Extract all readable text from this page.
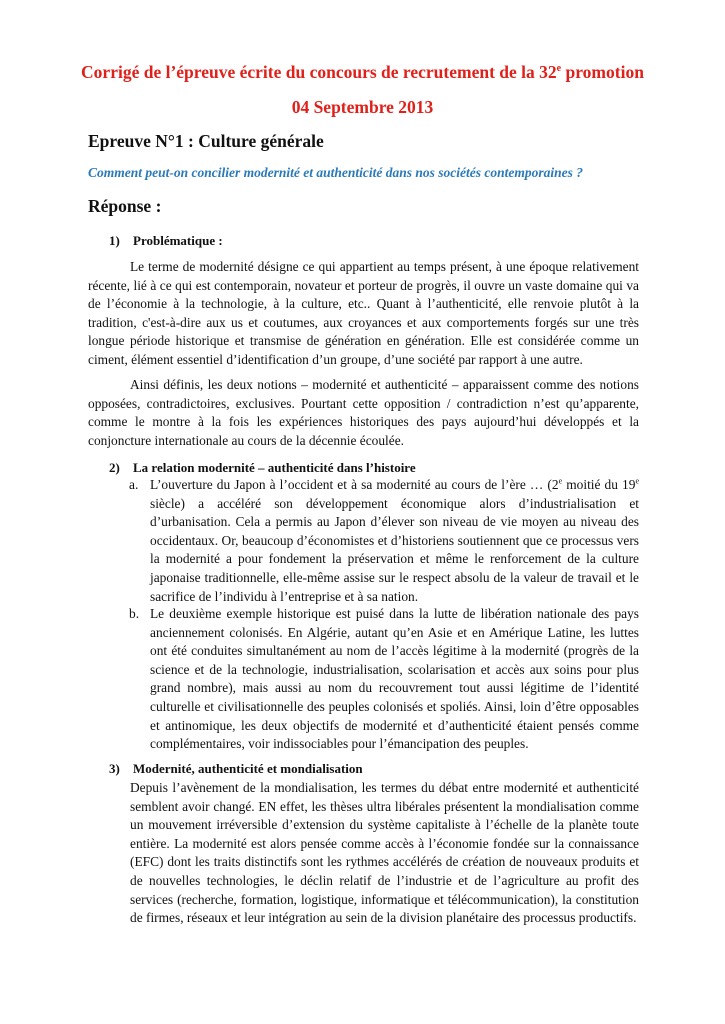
Corrigé de l’épreuve écrite du concours de recrutement de la 32e promotion
04 Septembre 2013
Epreuve N°1 : Culture générale
Comment peut-on concilier modernité et authenticité dans nos sociétés contemporaines ?
Réponse :
1) Problématique :
Le terme de modernité désigne ce qui appartient au temps présent, à une époque relativement récente, lié à ce qui est contemporain, novateur et porteur de progrès, il ouvre un vaste domaine qui va de l’économie à la technologie, à la culture, etc.. Quant à l’authenticité, elle renvoie plutôt à la tradition, c'est-à-dire aux us et coutumes, aux croyances et aux comportements forgés sur une très longue période historique et transmise de génération en génération. Elle est considérée comme un ciment, élément essentiel d’identification d’un groupe, d’une société par rapport à une autre.
Ainsi définis, les deux notions – modernité et authenticité – apparaissent comme des notions opposées, contradictoires, exclusives. Pourtant cette opposition / contradiction n’est qu’apparente, comme le montre à la fois les expériences historiques des pays aujourd’hui développés et la conjoncture internationale au cours de la décennie écoulée.
2) La relation modernité – authenticité dans l’histoire
a. L’ouverture du Japon à l’occident et à sa modernité au cours de l’ère … (2e moitié du 19e siècle) a accéléré son développement économique alors d’industrialisation et d’urbanisation. Cela a permis au Japon d’élever son niveau de vie moyen au niveau des occidentaux. Or, beaucoup d’économistes et d’historiens soutiennent que ce processus vers la modernité a pour fondement la préservation et même le renforcement de la culture japonaise traditionnelle, elle-même assise sur le respect absolu de la valeur de travail et le sacrifice de l’individu à l’entreprise et à sa nation.
b. Le deuxième exemple historique est puisé dans la lutte de libération nationale des pays anciennement colonisés. En Algérie, autant qu’en Asie et en Amérique Latine, les luttes ont été conduites simultanément au nom de l’accès légitime à la modernité (progrès de la science et de la technologie, industrialisation, scolarisation et accès aux soins pour plus grand nombre), mais aussi au nom du recouvrement tout aussi légitime de l’identité culturelle et civilisationnelle des peuples colonisés et spoliés. Ainsi, loin d’être opposables et antinomique, les deux objectifs de modernité et d’authenticité étaient pensés comme complémentaires, voir indissociables pour l’émancipation des peuples.
3) Modernité, authenticité et mondialisation
Depuis l’avènement de la mondialisation, les termes du débat entre modernité et authenticité semblent avoir changé. EN effet, les thèses ultra libérales présentent la mondialisation comme un mouvement irréversible d’extension du système capitaliste à l’échelle de la planète toute entière. La modernité est alors pensée comme accès à l’économie fondée sur la connaissance (EFC) dont les traits distinctifs sont les rythmes accélérés de création de nouveaux produits et de nouvelles technologies, le déclin relatif de l’industrie et de l’agriculture au profit des services (recherche, formation, logistique, informatique et télécommunication), la constitution de firmes, réseaux et leur intégration au sein de la division planétaire des processus productifs.
